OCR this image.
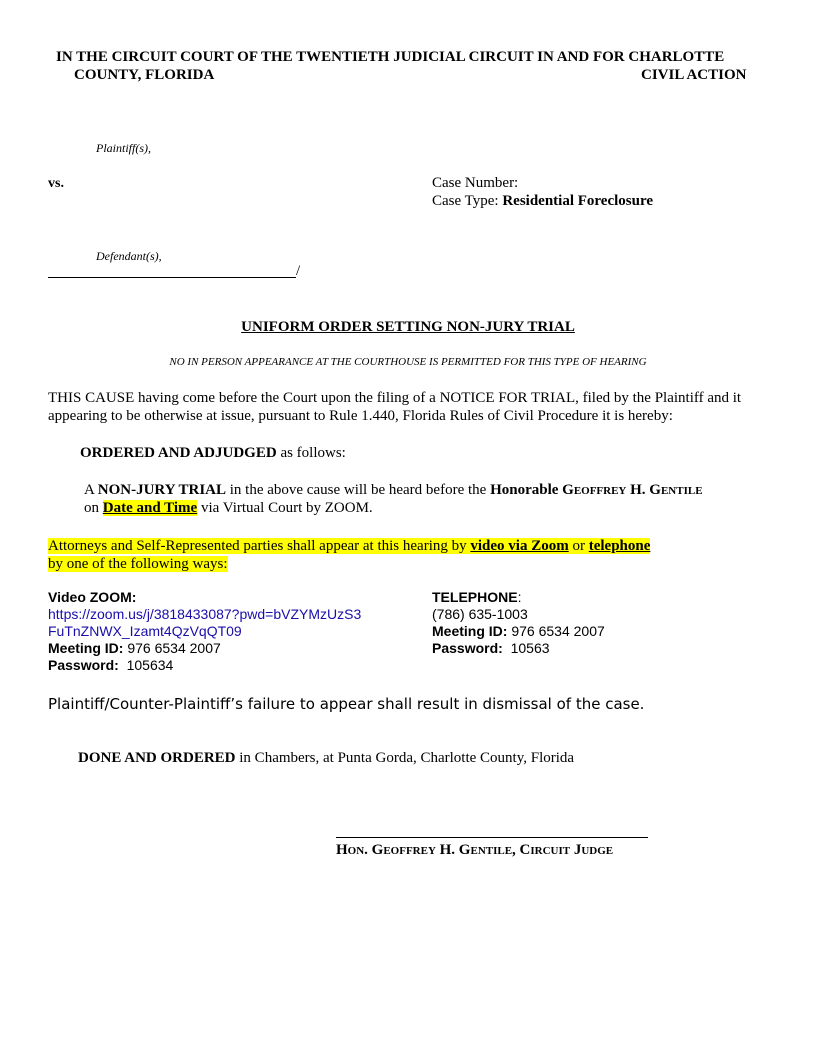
IN THE CIRCUIT COURT OF THE TWENTIETH JUDICIAL CIRCUIT IN AND FOR CHARLOTTE
COUNTY, FLORIDA	CIVIL ACTION
Plaintiff(s),
vs.	Case Number:
Case Type: Residential Foreclosure
Defendant(s),
/
UNIFORM ORDER SETTING NON-JURY TRIAL
NO IN PERSON APPEARANCE AT THE COURTHOUSE IS PERMITTED FOR THIS TYPE OF HEARING
THIS CAUSE having come before the Court upon the filing of a NOTICE FOR TRIAL, filed by the Plaintiff and it appearing to be otherwise at issue, pursuant to Rule 1.440, Florida Rules of Civil Procedure it is hereby:
ORDERED AND ADJUDGED as follows:
A NON-JURY TRIAL in the above cause will be heard before the Honorable Geoffrey H. Gentile
on Date and Time via Virtual Court by ZOOM.
Attorneys and Self-Represented parties shall appear at this hearing by video via Zoom or telephone
by one of the following ways:
Video ZOOM:
https://zoom.us/j/3818433087?pwd=bVZYMzUzS3
FuTnZNWX_Izamt4QzVqQT09
Meeting ID: 976 6534 2007
Password:  105634
TELEPHONE:
(786) 635-1003
Meeting ID: 976 6534 2007
Password:  10563
Plaintiff/Counter-Plaintiff’s failure to appear shall result in dismissal of the case.
DONE AND ORDERED in Chambers, at Punta Gorda, Charlotte County, Florida
Hon. Geoffrey H. Gentile, Circuit Judge
